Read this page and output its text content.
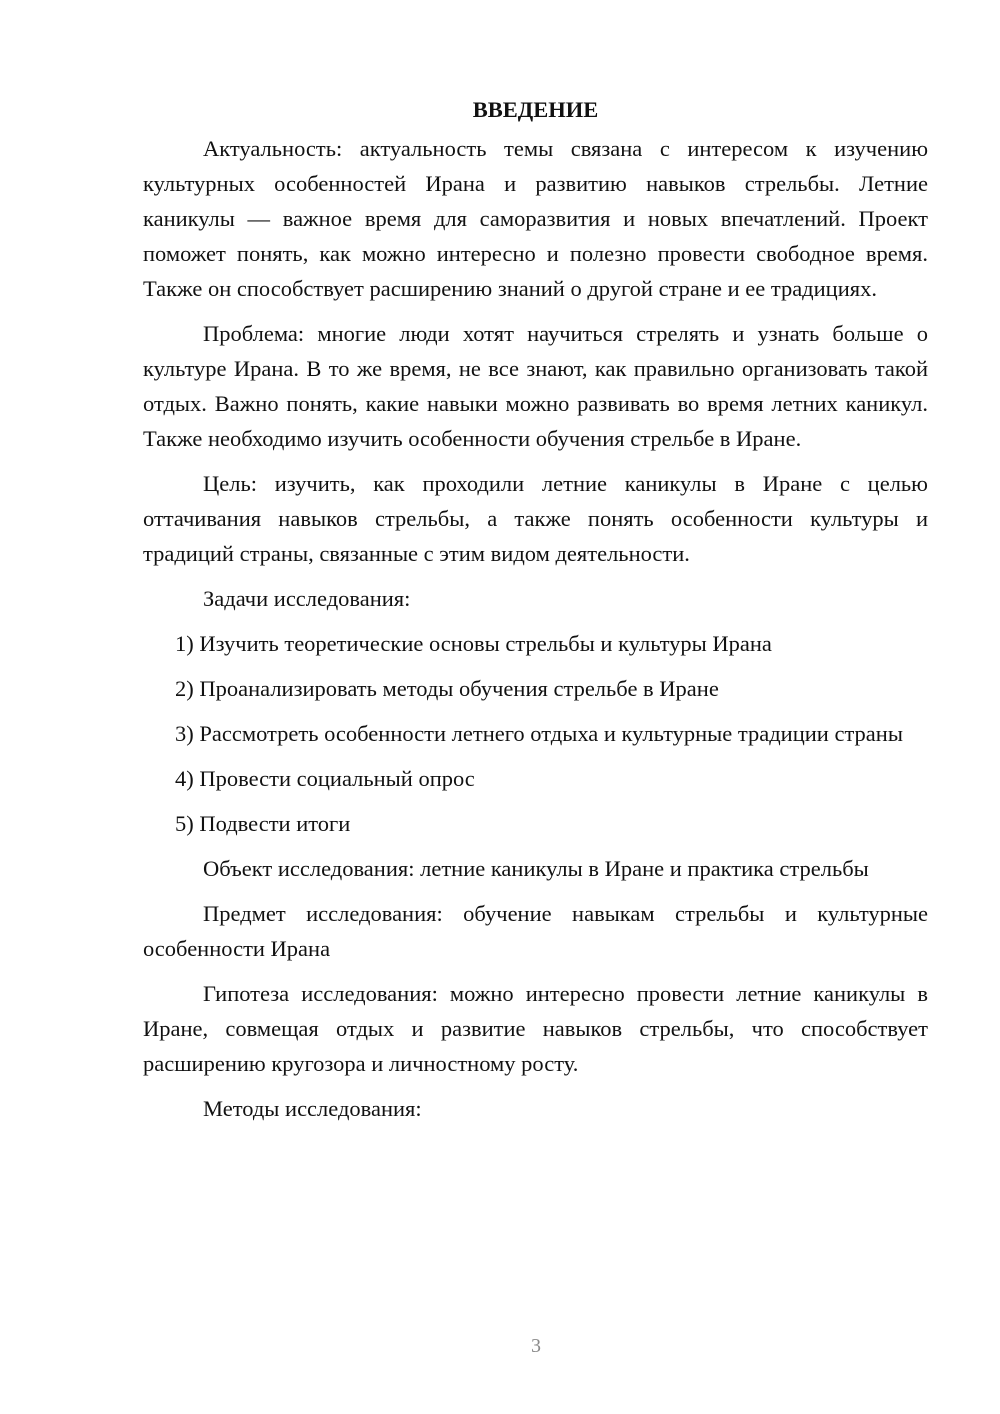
ВВЕДЕНИЕ

Актуальность: актуальность темы связана с интересом к изучению культурных особенностей Ирана и развитию навыков стрельбы. Летние каникулы — важное время для саморазвития и новых впечатлений. Проект поможет понять, как можно интересно и полезно провести свободное время. Также он способствует расширению знаний о другой стране и ее традициях.

Проблема: многие люди хотят научиться стрелять и узнать больше о культуре Ирана. В то же время, не все знают, как правильно организовать такой отдых. Важно понять, какие навыки можно развивать во время летних каникул. Также необходимо изучить особенности обучения стрельбе в Иране.

Цель: изучить, как проходили летние каникулы в Иране с целью оттачивания навыков стрельбы, а также понять особенности культуры и традиций страны, связанные с этим видом деятельности.

Задачи исследования:

1) Изучить теоретические основы стрельбы и культуры Ирана

2) Проанализировать методы обучения стрельбе в Иране

3) Рассмотреть особенности летнего отдыха и культурные традиции страны

4) Провести социальный опрос

5) Подвести итоги

Объект исследования: летние каникулы в Иране и практика стрельбы

Предмет исследования: обучение навыкам стрельбы и культурные особенности Ирана

Гипотеза исследования: можно интересно провести летние каникулы в Иране, совмещая отдых и развитие навыков стрельбы, что способствует расширению кругозора и личностному росту.

Методы исследования:

3
